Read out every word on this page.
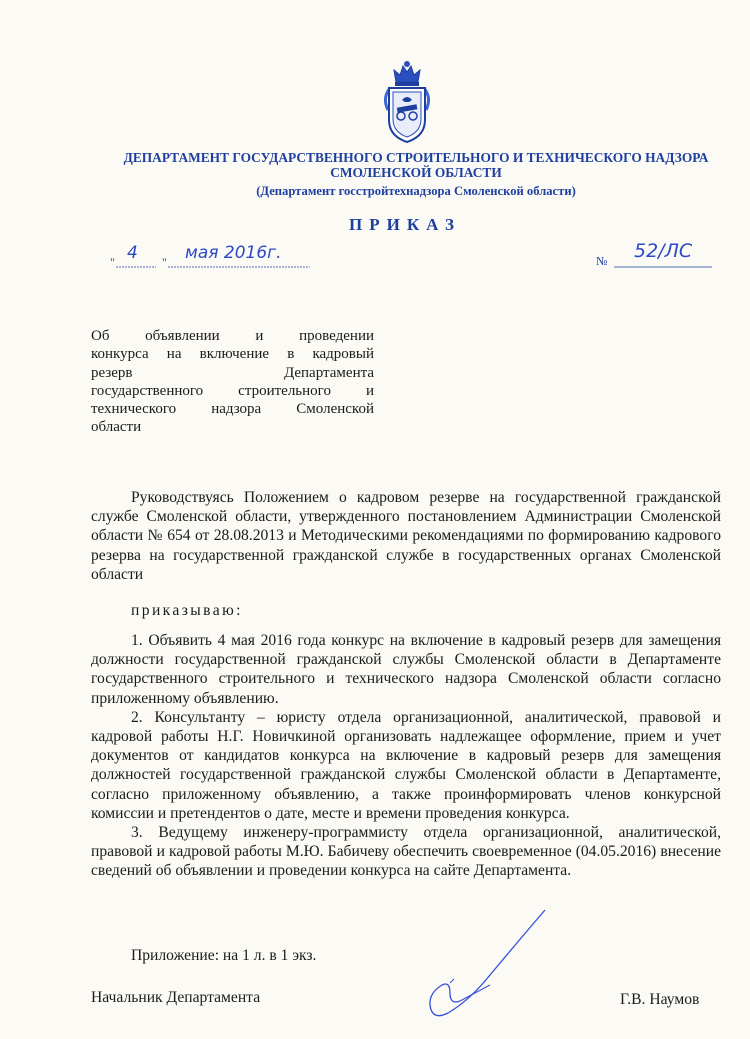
ДЕПАРТАМЕНТ ГОСУДАРСТВЕННОГО СТРОИТЕЛЬНОГО И ТЕХНИЧЕСКОГО НАДЗОРА
СМОЛЕНСКОЙ ОБЛАСТИ
(Департамент госстройтехнадзора Смоленской области)
ПРИКАЗ
"	"
4	мая 2016г.	№ 52/ЛС
Об объявлении и проведении
конкурса на включение в кадровый
резерв Департамента
государственного строительного и
технического надзора Смоленской
области

Руководствуясь Положением о кадровом резерве на государственной гражданской службе Смоленской области, утвержденного постановлением Администрации Смоленской области № 654 от 28.08.2013 и Методическими рекомендациями по формированию кадрового резерва на государственной гражданской службе в государственных органах Смоленской области

приказываю:

1. Объявить 4 мая 2016 года конкурс на включение в кадровый резерв для замещения должности государственной гражданской службы Смоленской области в Департаменте государственного строительного и технического надзора Смоленской области согласно приложенному объявлению.

2. Консультанту – юристу отдела организационной, аналитической, правовой и кадровой работы Н.Г. Новичкиной организовать надлежащее оформление, прием и учет документов от кандидатов конкурса на включение в кадровый резерв для замещения должностей государственной гражданской службы Смоленской области в Департаменте, согласно приложенному объявлению, а также проинформировать членов конкурсной комиссии и претендентов о дате, месте и времени проведения конкурса.

3. Ведущему инженеру-программисту отдела организационной, аналитической, правовой и кадровой работы М.Ю. Бабичеву обеспечить своевременное (04.05.2016) внесение сведений об объявлении и проведении конкурса на сайте Департамента.

Приложение: на 1 л. в 1 экз.
Начальник Департамента	Г.В. Наумов
